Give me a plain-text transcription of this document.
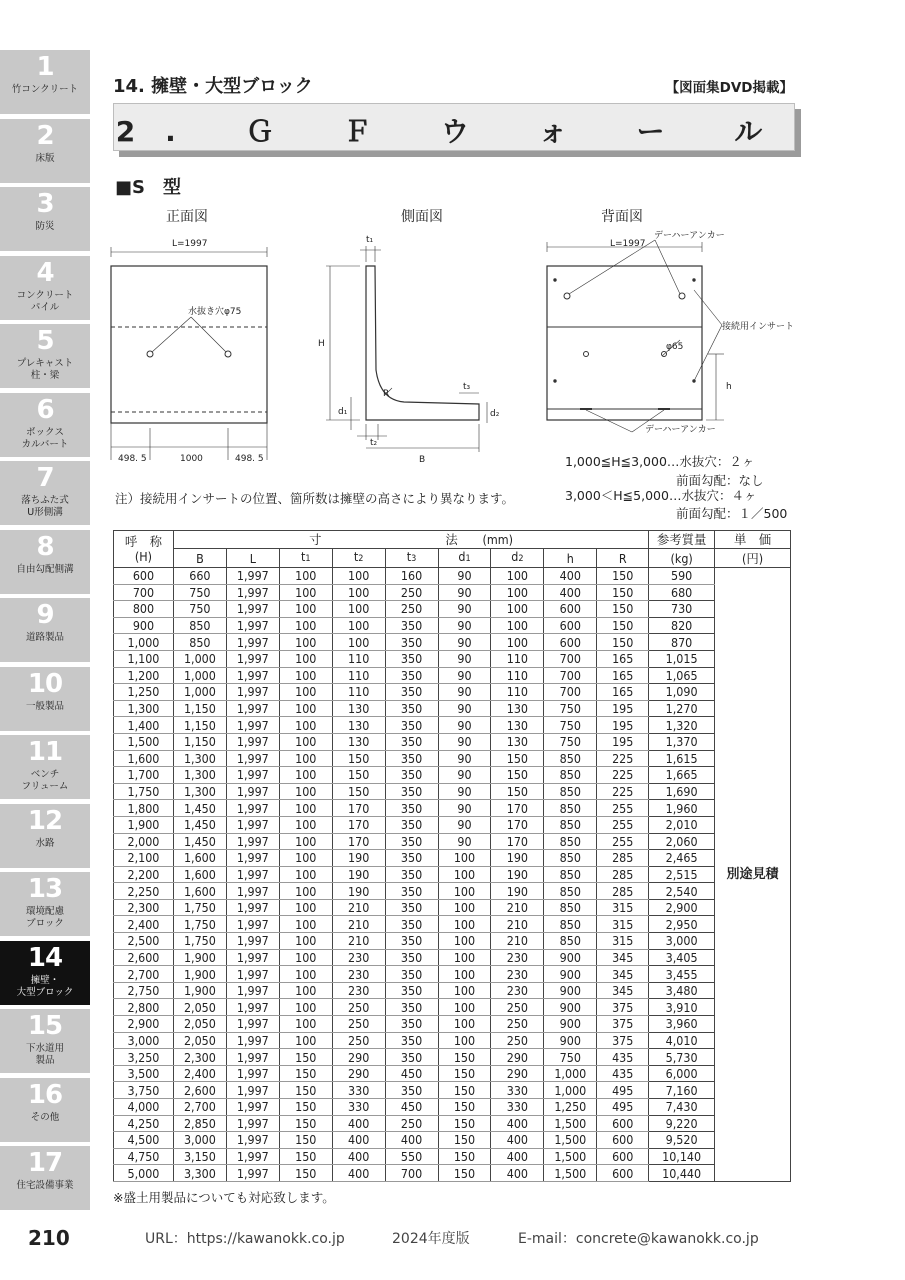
1
竹コンクリート
2
床版
3
防災
4
コンクリート
パイル
5
プレキャスト
柱・梁
6
ボックス
カルバート
7
落ちふた式
U形側溝
8
自由勾配側溝
9
道路製品
10
一般製品
11
ベンチ
フリューム
12
水路
13
環境配慮
ブロック
14
擁壁・
大型ブロック
15
下水道用
製品
16
その他
17
住宅設備事業
14. 擁壁・大型ブロック	【図面集DVD掲載】
2. Ｇ Ｆ ウ ォ ー ル
■S　型
正面図	側面図	背面図
L=1997
水抜き穴φ75
498. 5	1000	498. 5
t₁
H
R
t₃
d₁	d₂
t₂
B
L=1997
デーハーアンカー
接続用インサート
φ65
h
デーハーアンカー
1,000≦H≦3,000…水抜穴：２ヶ
前面勾配：なし
3,000＜H≦5,000…水抜穴：４ヶ
前面勾配：１／500
注）接続用インサートの位置、箇所数は擁壁の高さにより異なります。
呼　称
(H)	寸　　　　　　　　　　法　　(mm)									参考質量	単　価
	B	L	t1	t2	t3	d1	d2	h	R	(kg)	(円)
600	660	1,997	100	100	160	90	100	400	150	590	別途見積
700	750	1,997	100	100	250	90	100	400	150	680	
800	750	1,997	100	100	250	90	100	600	150	730	
900	850	1,997	100	100	350	90	100	600	150	820	
1,000	850	1,997	100	100	350	90	100	600	150	870	
1,100	1,000	1,997	100	110	350	90	110	700	165	1,015	
1,200	1,000	1,997	100	110	350	90	110	700	165	1,065	
1,250	1,000	1,997	100	110	350	90	110	700	165	1,090	
1,300	1,150	1,997	100	130	350	90	130	750	195	1,270	
1,400	1,150	1,997	100	130	350	90	130	750	195	1,320	
1,500	1,150	1,997	100	130	350	90	130	750	195	1,370	
1,600	1,300	1,997	100	150	350	90	150	850	225	1,615	
1,700	1,300	1,997	100	150	350	90	150	850	225	1,665	
1,750	1,300	1,997	100	150	350	90	150	850	225	1,690	
1,800	1,450	1,997	100	170	350	90	170	850	255	1,960	
1,900	1,450	1,997	100	170	350	90	170	850	255	2,010	
2,000	1,450	1,997	100	170	350	90	170	850	255	2,060	
2,100	1,600	1,997	100	190	350	100	190	850	285	2,465	
2,200	1,600	1,997	100	190	350	100	190	850	285	2,515	
2,250	1,600	1,997	100	190	350	100	190	850	285	2,540	
2,300	1,750	1,997	100	210	350	100	210	850	315	2,900	
2,400	1,750	1,997	100	210	350	100	210	850	315	2,950	
2,500	1,750	1,997	100	210	350	100	210	850	315	3,000	
2,600	1,900	1,997	100	230	350	100	230	900	345	3,405	
2,700	1,900	1,997	100	230	350	100	230	900	345	3,455	
2,750	1,900	1,997	100	230	350	100	230	900	345	3,480	
2,800	2,050	1,997	100	250	350	100	250	900	375	3,910	
2,900	2,050	1,997	100	250	350	100	250	900	375	3,960	
3,000	2,050	1,997	100	250	350	100	250	900	375	4,010	
3,250	2,300	1,997	150	290	350	150	290	750	435	5,730	
3,500	2,400	1,997	150	290	450	150	290	1,000	435	6,000	
3,750	2,600	1,997	150	330	350	150	330	1,000	495	7,160	
4,000	2,700	1,997	150	330	450	150	330	1,250	495	7,430	
4,250	2,850	1,997	150	400	250	150	400	1,500	600	9,220	
4,500	3,000	1,997	150	400	400	150	400	1,500	600	9,520	
4,750	3,150	1,997	150	400	550	150	400	1,500	600	10,140	
5,000	3,300	1,997	150	400	700	150	400	1,500	600	10,440	
※盛土用製品についても対応致します。
210	URL：https://kawanokk.co.jp	2024年度版	E-mail：concrete@kawanokk.co.jp
